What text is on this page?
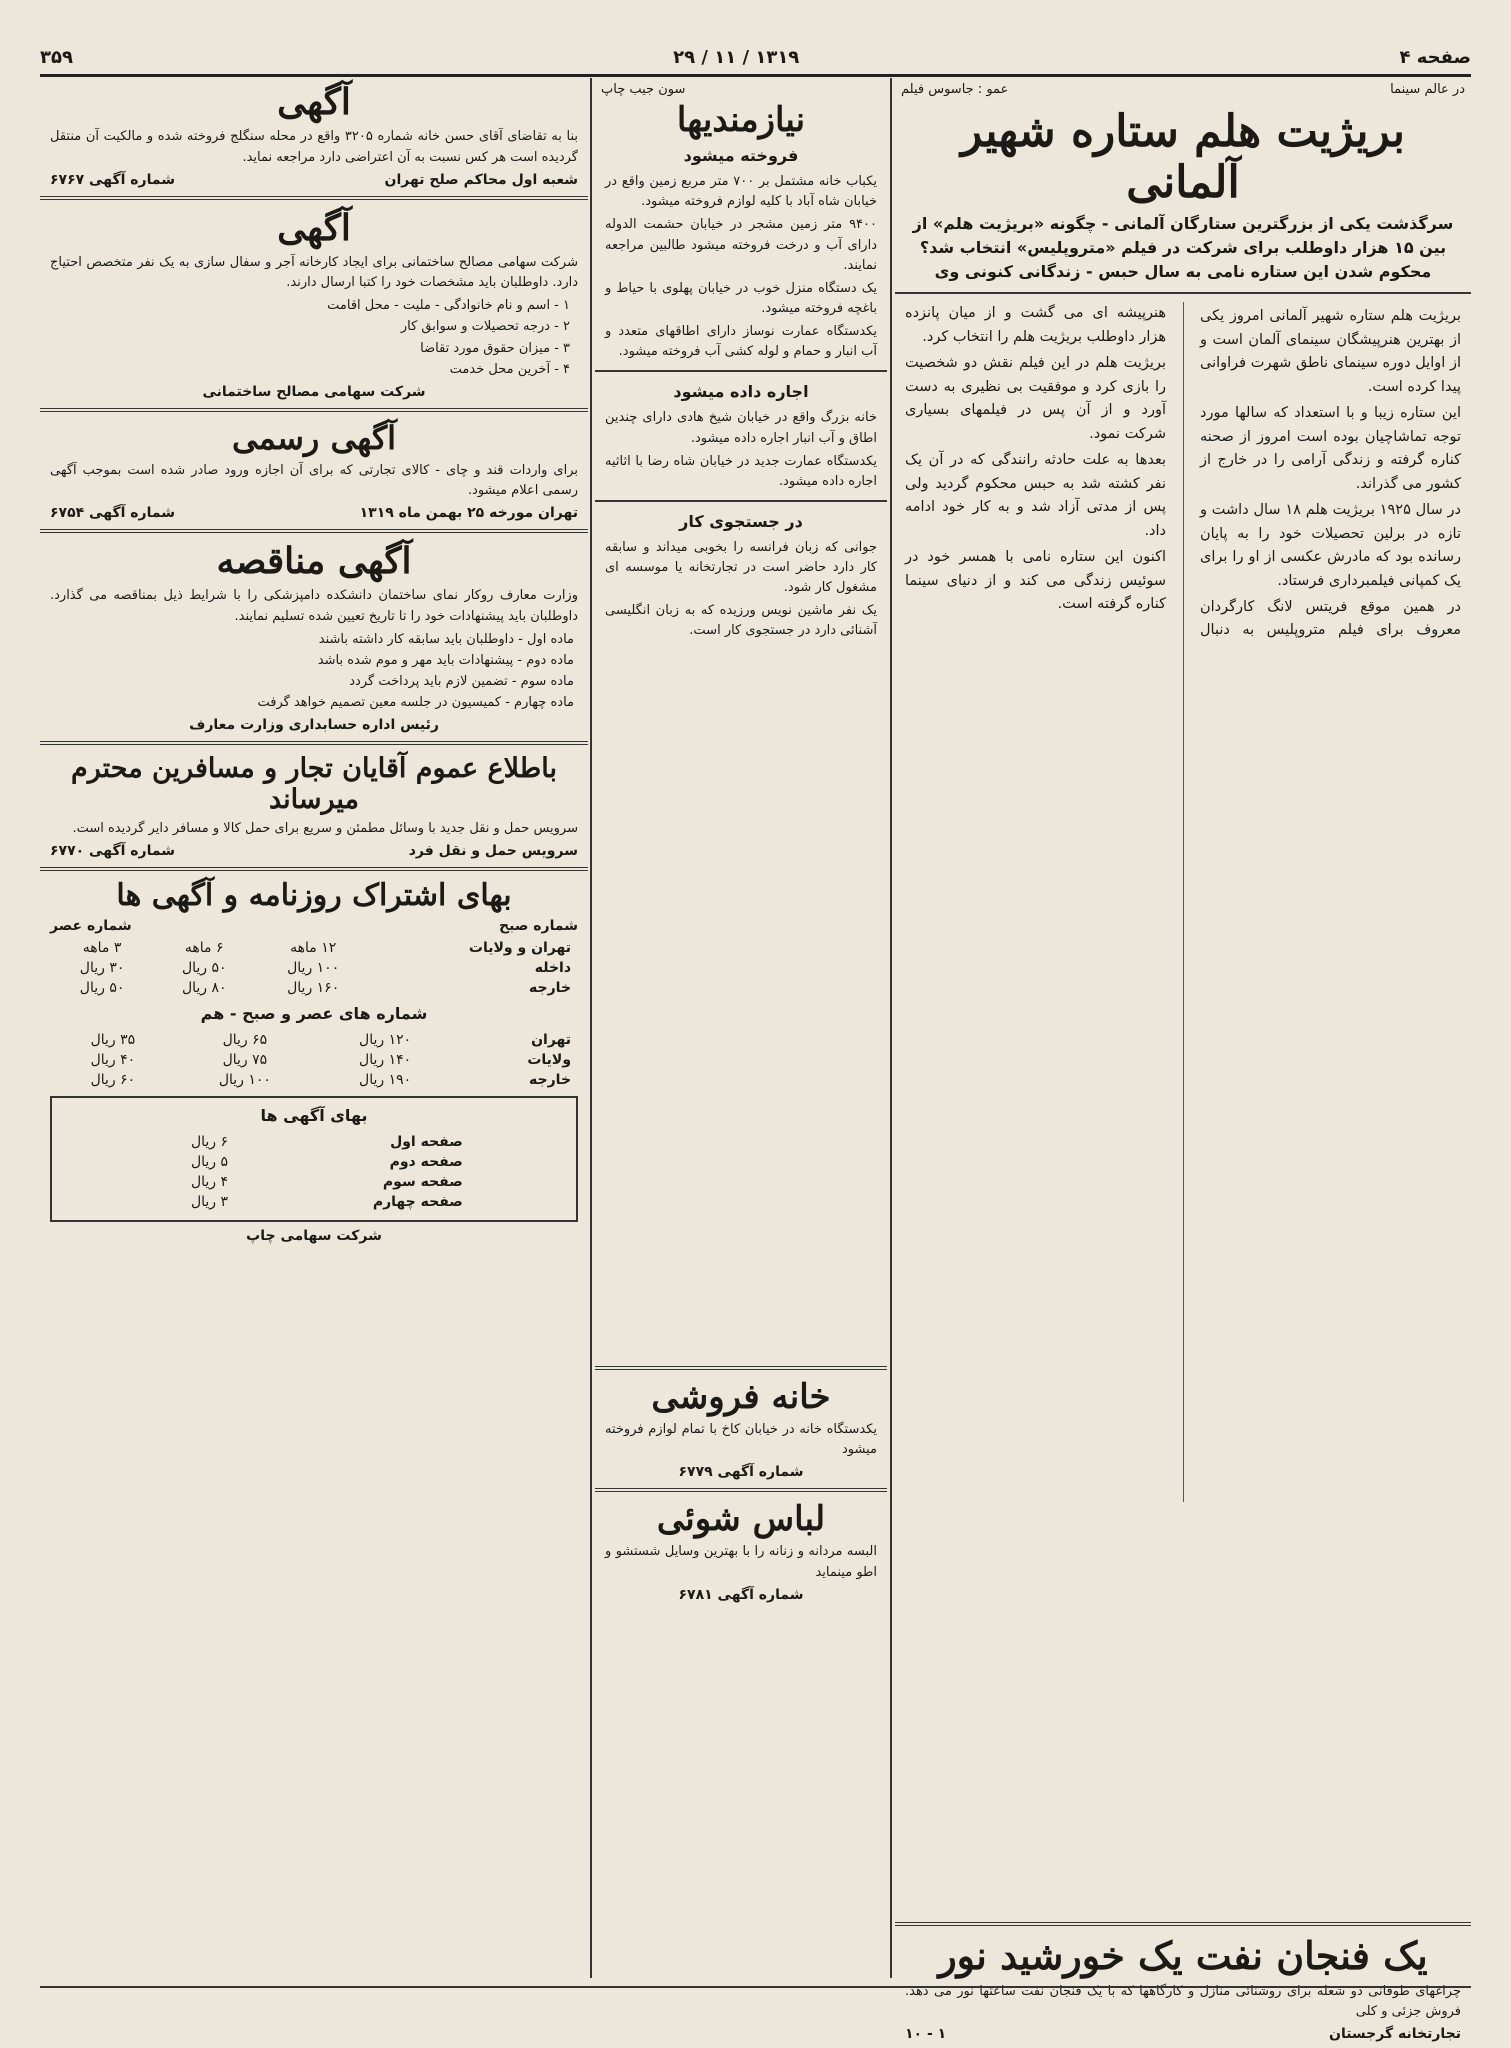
صفحه ۴
۱۳۱۹ / ۱۱ / ۲۹
۳۵۹
در عالم سینما
عمو : جاسوس فیلم
بریژیت هلم ستاره شهیر آلمانی
سرگذشت یکی از بزرگترین ستارگان آلمانی - چگونه «بریژیت هلم» از بین ۱۵ هزار داوطلب برای شرکت در فیلم «متروپلیس» انتخاب شد؟ محکوم شدن این ستاره نامی به سال حبس - زندگانی کنونی وی

بریژیت هلم ستاره شهیر آلمانی امروز یکی از بهترین هنرپیشگان سینمای آلمان است و از اوایل دوره سینمای ناطق شهرت فراوانی پیدا کرده است.

این ستاره زیبا و با استعداد که سالها مورد توجه تماشاچیان بوده است امروز از صحنه کناره گرفته و زندگی آرامی را در خارج از کشور می گذراند.

در سال ۱۹۲۵ بریژیت هلم ۱۸ سال داشت و تازه در برلین تحصیلات خود را به پایان رسانده بود که مادرش عکسی از او را برای یک کمپانی فیلمبرداری فرستاد.

در همین موقع فریتس لانگ کارگردان معروف برای فیلم متروپلیس به دنبال هنرپیشه ای می گشت و از میان پانزده هزار داوطلب بریژیت هلم را انتخاب کرد.

بریژیت هلم در این فیلم نقش دو شخصیت را بازی کرد و موفقیت بی نظیری به دست آورد و از آن پس در فیلمهای بسیاری شرکت نمود.

بعدها به علت حادثه رانندگی که در آن یک نفر کشته شد به حبس محکوم گردید ولی پس از مدتی آزاد شد و به کار خود ادامه داد.

اکنون این ستاره نامی با همسر خود در سوئیس زندگی می کند و از دنیای سینما کناره گرفته است.

یک فنجان نفت یک خورشید نور

چراغهای طوفانی دو شعله برای روشنائی منازل و کارگاهها که با یک فنجان نفت ساعتها نور می دهد. فروش جزئی و کلی

تجارتخانه گرجستان
۱ - ۱۰
سون جیب چاپ
نیازمندیها
فروخته میشود

یکباب خانه مشتمل بر ۷۰۰ متر مربع زمین واقع در خیابان شاه آباد با کلیه لوازم فروخته میشود.

۹۴۰۰ متر زمین مشجر در خیابان حشمت الدوله دارای آب و درخت فروخته میشود طالبین مراجعه نمایند.

یک دستگاه منزل خوب در خیابان پهلوی با حیاط و باغچه فروخته میشود.

یکدستگاه عمارت نوساز دارای اطاقهای متعدد و آب انبار و حمام و لوله کشی آب فروخته میشود.

اجاره داده میشود

خانه بزرگ واقع در خیابان شیخ هادی دارای چندین اطاق و آب انبار اجاره داده میشود.

یکدستگاه عمارت جدید در خیابان شاه رضا با اثاثیه اجاره داده میشود.

در جستجوی کار

جوانی که زبان فرانسه را بخوبی میداند و سابقه کار دارد حاضر است در تجارتخانه یا موسسه ای مشغول کار شود.

یک نفر ماشین نویس ورزیده که به زبان انگلیسی آشنائی دارد در جستجوی کار است.

خانه فروشی

یکدستگاه خانه در خیابان کاخ با تمام لوازم فروخته میشود

شماره آگهی ۶۷۷۹
لباس شوئی

البسه مردانه و زنانه را با بهترین وسایل شستشو و اطو مینماید

شماره آگهی ۶۷۸۱
آگهی

بنا به تقاضای آقای حسن خانه شماره ۳۲۰۵ واقع در محله سنگلج فروخته شده و مالکیت آن منتقل گردیده است هر کس نسبت به آن اعتراضی دارد مراجعه نماید.

شعبه اول محاکم صلح تهران
شماره آگهی ۶۷۶۷
آگهی

شرکت سهامی مصالح ساختمانی برای ایجاد کارخانه آجر و سفال سازی به یک نفر متخصص احتیاج دارد. داوطلبان باید مشخصات خود را کتبا ارسال دارند.

۱ - اسم و نام خانوادگی - ملیت - محل اقامت

۲ - درجه تحصیلات و سوابق کار

۳ - میزان حقوق مورد تقاضا

۴ - آخرین محل خدمت

شرکت سهامی مصالح ساختمانی
آگهی رسمی

برای واردات قند و چای - کالای تجارتی که برای آن اجازه ورود صادر شده است بموجب آگهی رسمی اعلام میشود.

تهران مورخه ۲۵ بهمن ماه ۱۳۱۹
شماره آگهی ۶۷۵۴
آگهی مناقصه

وزارت معارف روکار نمای ساختمان دانشکده دامپزشکی را با شرایط ذیل بمناقصه می گذارد. داوطلبان باید پیشنهادات خود را تا تاریخ تعیین شده تسلیم نمایند.

ماده اول - داوطلبان باید سابقه کار داشته باشند

ماده دوم - پیشنهادات باید مهر و موم شده باشد

ماده سوم - تضمین لازم باید پرداخت گردد

ماده چهارم - کمیسیون در جلسه معین تصمیم خواهد گرفت

رئیس اداره حسابداری وزارت معارف
باطلاع عموم آقایان تجار و مسافرین محترم میرساند

سرویس حمل و نقل جدید با وسائل مطمئن و سریع برای حمل کالا و مسافر دایر گردیده است.

سرویس حمل و نقل فرد
شماره آگهی ۶۷۷۰
بهای اشتراک روزنامه و آگهی ها
شماره صبح
شماره عصر
تهران و ولایات	۱۲ ماهه	۶ ماهه	۳ ماهه
داخله	۱۰۰ ریال	۵۰ ریال	۳۰ ریال
خارجه	۱۶۰ ریال	۸۰ ریال	۵۰ ریال
شماره های عصر و صبح - هم
تهران	۱۲۰ ریال	۶۵ ریال	۳۵ ریال
ولایات	۱۴۰ ریال	۷۵ ریال	۴۰ ریال
خارجه	۱۹۰ ریال	۱۰۰ ریال	۶۰ ریال
بهای آگهی ها
صفحه اول	۶ ریال
صفحه دوم	۵ ریال
صفحه سوم	۴ ریال
صفحه چهارم	۳ ریال
شرکت سهامی چاپ
